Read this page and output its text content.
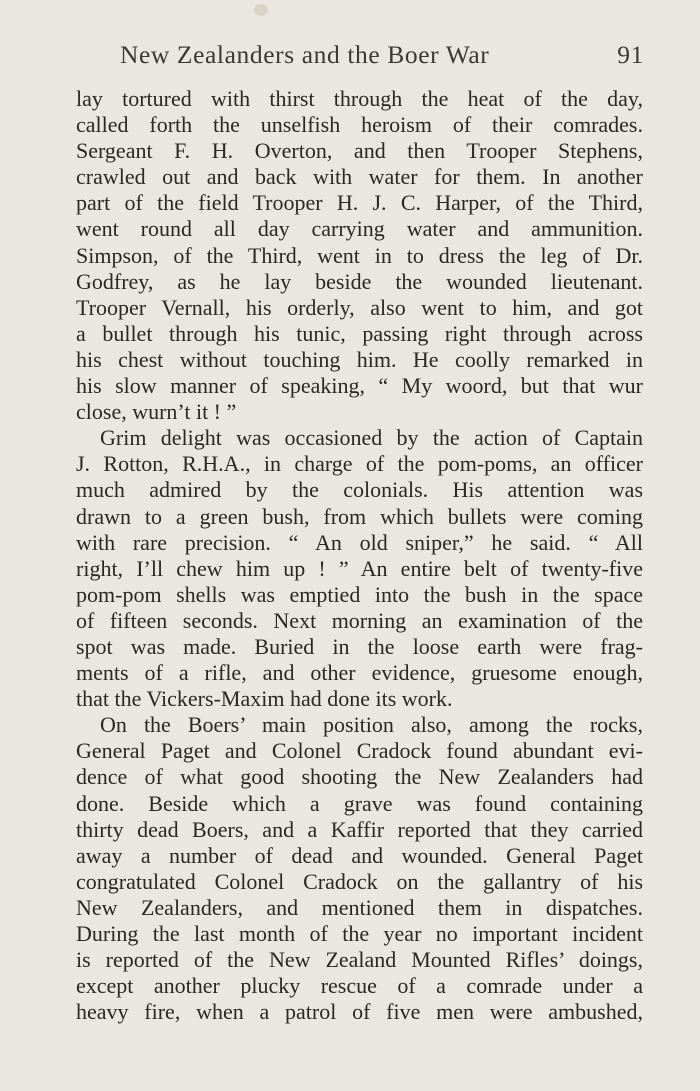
New Zealanders and the Boer War	91
lay tortured with thirst through the heat of the day,
called forth the unselfish heroism of their comrades.
Sergeant F. H. Overton, and then Trooper Stephens,
crawled out and back with water for them. In another
part of the field Trooper H. J. C. Harper, of the Third,
went round all day carrying water and ammunition.
Simpson, of the Third, went in to dress the leg of Dr.
Godfrey, as he lay beside the wounded lieutenant.
Trooper Vernall, his orderly, also went to him, and got
a bullet through his tunic, passing right through across
his chest without touching him. He coolly remarked in
his slow manner of speaking, “ My woord, but that wur
close, wurn’t it ! ”
Grim delight was occasioned by the action of Captain
J. Rotton, R.H.A., in charge of the pom-poms, an officer
much admired by the colonials. His attention was
drawn to a green bush, from which bullets were coming
with rare precision. “ An old sniper,” he said. “ All
right, I’ll chew him up ! ” An entire belt of twenty-five
pom-pom shells was emptied into the bush in the space
of fifteen seconds. Next morning an examination of the
spot was made. Buried in the loose earth were frag-
ments of a rifle, and other evidence, gruesome enough,
that the Vickers-Maxim had done its work.
On the Boers’ main position also, among the rocks,
General Paget and Colonel Cradock found abundant evi-
dence of what good shooting the New Zealanders had
done. Beside which a grave was found containing
thirty dead Boers, and a Kaffir reported that they carried
away a number of dead and wounded. General Paget
congratulated Colonel Cradock on the gallantry of his
New Zealanders, and mentioned them in dispatches.
During the last month of the year no important incident
is reported of the New Zealand Mounted Rifles’ doings,
except another plucky rescue of a comrade under a
heavy fire, when a patrol of five men were ambushed,
